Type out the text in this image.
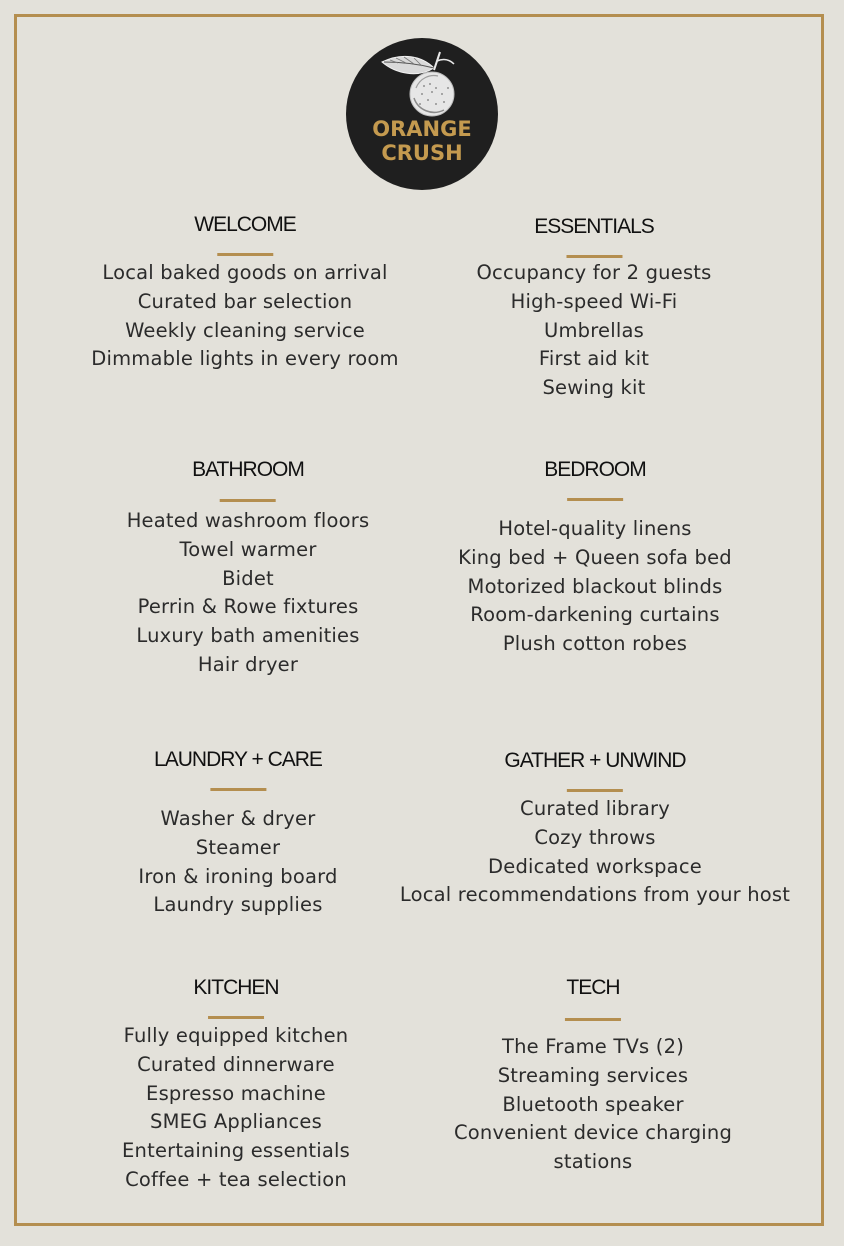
ORANGE
CRUSH
WELCOME
Local baked goods on arrival
Curated bar selection
Weekly cleaning service
Dimmable lights in every room
ESSENTIALS
Occupancy for 2 guests
High-speed Wi-Fi
Umbrellas
First aid kit
Sewing kit
BATHROOM
Heated washroom floors
Towel warmer
Bidet
Perrin & Rowe fixtures
Luxury bath amenities
Hair dryer
BEDROOM
Hotel-quality linens
King bed + Queen sofa bed
Motorized blackout blinds
Room-darkening curtains
Plush cotton robes
LAUNDRY + CARE
Washer & dryer
Steamer
Iron & ironing board
Laundry supplies
GATHER + UNWIND
Curated library
Cozy throws
Dedicated workspace
Local recommendations from your host
KITCHEN
Fully equipped kitchen
Curated dinnerware
Espresso machine
SMEG Appliances
Entertaining essentials
Coffee + tea selection
TECH
The Frame TVs (2)
Streaming services
Bluetooth speaker
Convenient device charging
stations
